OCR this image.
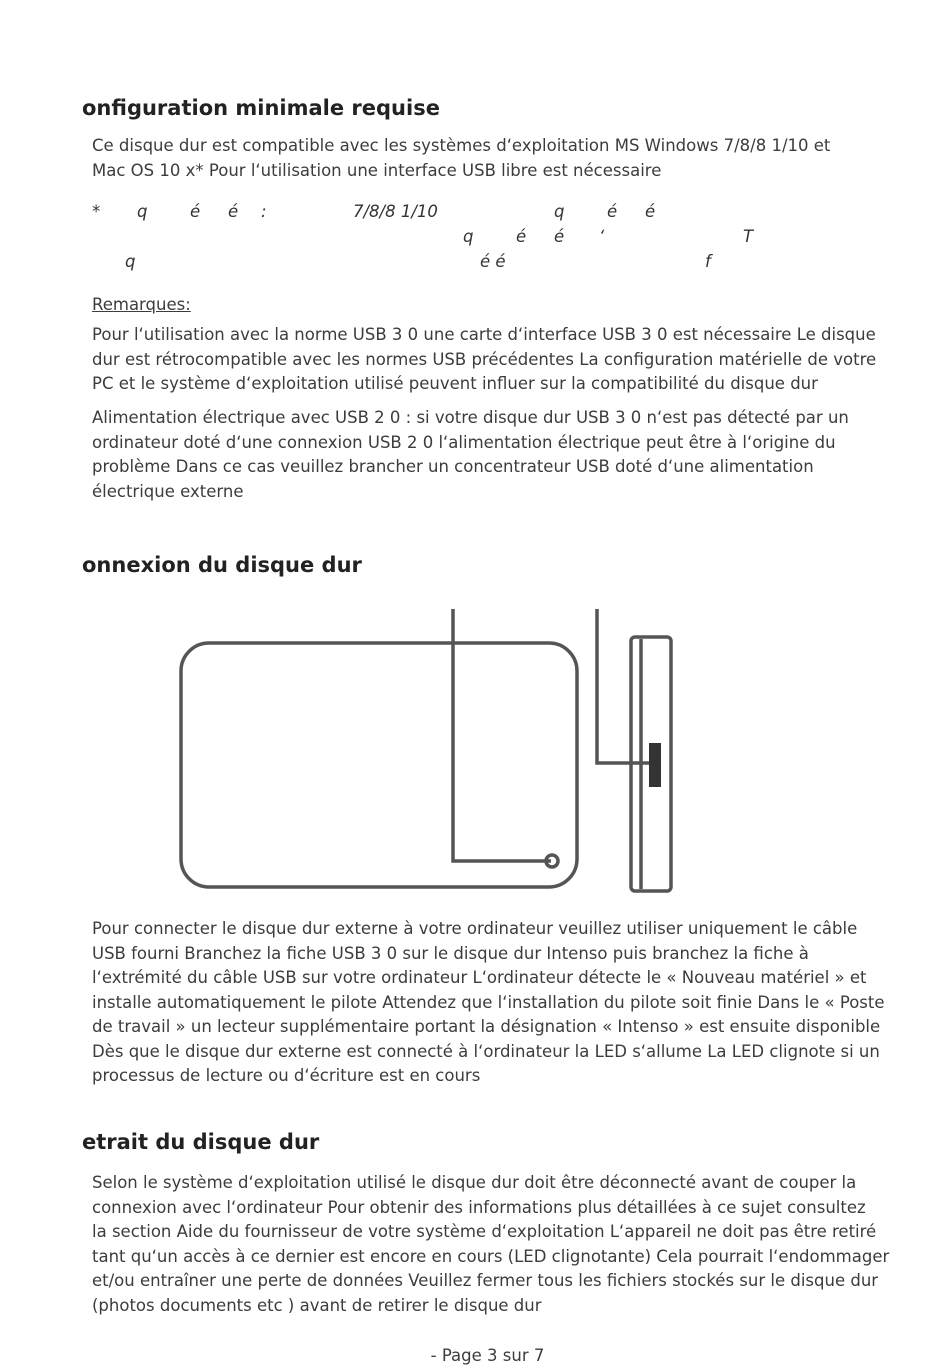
onfiguration minimale requise
Ce disque dur est compatible avec les systèmes d‘exploitation MS Windows 7/8/8 1/10 et
Mac OS 10 x* Pour l‘utilisation une interface USB libre est nécessaire
* q	é é :	7/8/8 1/10	q	é é
q	é é ‘	T
q	é é	f
Remarques:
Pour l‘utilisation avec la norme USB 3 0 une carte d‘interface USB 3 0 est nécessaire Le disque
dur est rétrocompatible avec les normes USB précédentes La configuration matérielle de votre
PC et le système d‘exploitation utilisé peuvent influer sur la compatibilité du disque dur
Alimentation électrique avec USB 2 0 : si votre disque dur USB 3 0 n‘est pas détecté par un
ordinateur doté d‘une connexion USB 2 0 l‘alimentation électrique peut être à l‘origine du
problème Dans ce cas veuillez brancher un concentrateur USB doté d‘une alimentation
électrique externe
onnexion du disque dur
Pour connecter le disque dur externe à votre ordinateur veuillez utiliser uniquement le câble
USB fourni Branchez la fiche USB 3 0 sur le disque dur Intenso puis branchez la fiche à
l‘extrémité du câble USB sur votre ordinateur L‘ordinateur détecte le « Nouveau matériel » et
installe automatiquement le pilote Attendez que l‘installation du pilote soit finie Dans le « Poste
de travail » un lecteur supplémentaire portant la désignation « Intenso » est ensuite disponible
Dès que le disque dur externe est connecté à l‘ordinateur la LED s‘allume La LED clignote si un
processus de lecture ou d‘écriture est en cours
etrait du disque dur
Selon le système d‘exploitation utilisé le disque dur doit être déconnecté avant de couper la
connexion avec l‘ordinateur Pour obtenir des informations plus détaillées à ce sujet consultez
la section Aide du fournisseur de votre système d‘exploitation L‘appareil ne doit pas être retiré
tant qu‘un accès à ce dernier est encore en cours (LED clignotante) Cela pourrait l‘endommager
et/ou entraîner une perte de données Veuillez fermer tous les fichiers stockés sur le disque dur
(photos documents etc ) avant de retirer le disque dur
- Page 3 sur 7
